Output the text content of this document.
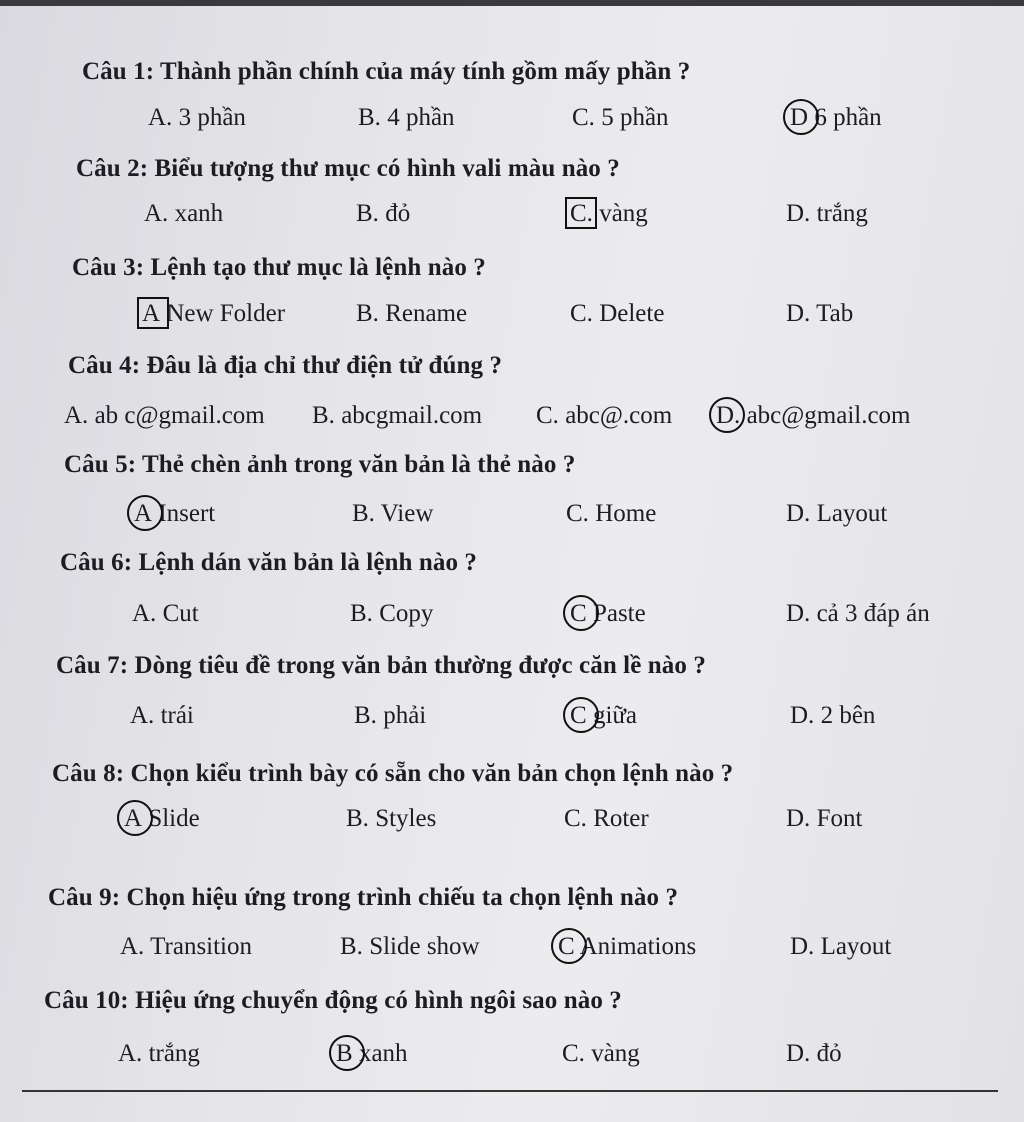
Câu 1: Thành phần chính của máy tính gồm mấy phần ?
A. 3 phần	B. 4 phần	C. 5 phần	D 6 phần
Câu 2: Biểu tượng thư mục có hình vali màu nào ?
A. xanh	B. đỏ	C. vàng	D. trắng
Câu 3: Lệnh tạo thư mục là lệnh nào ?
A New Folder	B. Rename	C. Delete	D. Tab
Câu 4: Đâu là địa chỉ thư điện tử đúng ?
A. ab c@gmail.com B. abcgmail.com C. abc@.com D. abc@gmail.com
Câu 5: Thẻ chèn ảnh trong văn bản là thẻ nào ?
A Insert	B. View	C. Home	D. Layout
Câu 6: Lệnh dán văn bản là lệnh nào ?
A. Cut	B. Copy	C Paste	D. cả 3 đáp án
Câu 7: Dòng tiêu đề trong văn bản thường được căn lề nào ?
A. trái	B. phải	C giữa	D. 2 bên
Câu 8: Chọn kiểu trình bày có sẵn cho văn bản chọn lệnh nào ?
A Slide	B. Styles	C. Roter	D. Font
Câu 9: Chọn hiệu ứng trong trình chiếu ta chọn lệnh nào ?
A. Transition	B. Slide show	C Animations	D. Layout
Câu 10: Hiệu ứng chuyển động có hình ngôi sao nào ?
A. trắng	B xanh	C. vàng	D. đỏ
